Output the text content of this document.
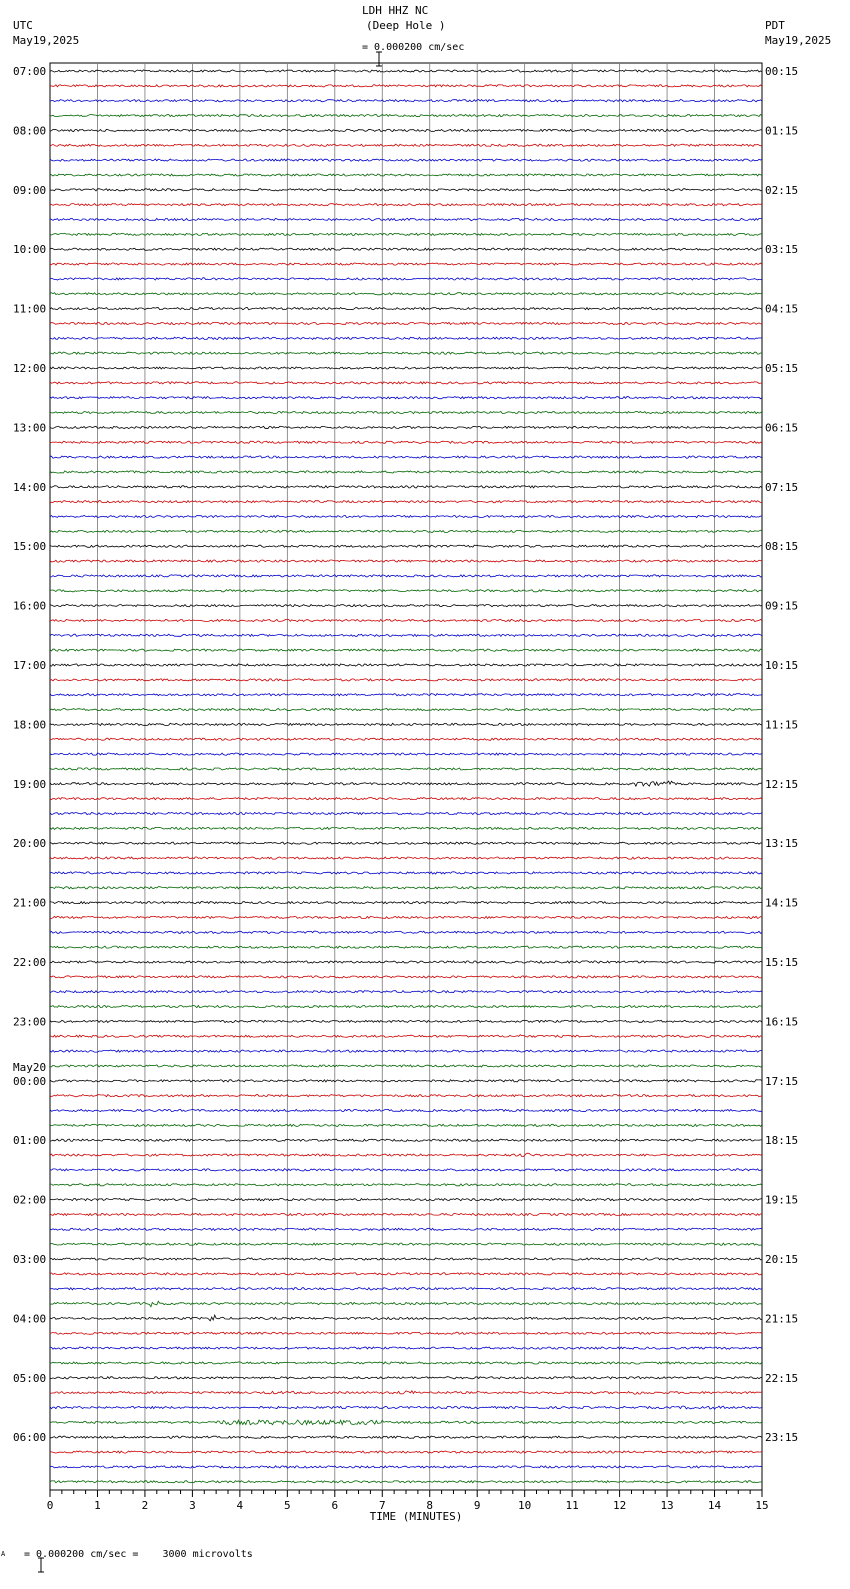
LDH HHZ NC
(Deep Hole )

= 0.000200 cm/sec
UTC
May19,2025
PDT
May19,2025
07:00
08:00
09:00
10:00
11:00
12:00
13:00
14:00
15:00
16:00
17:00
18:00
19:00
20:00
21:00
22:00
23:00
00:00
01:00
02:00
03:00
04:00
05:00
06:00
00:15
01:15
02:15
03:15
04:15
05:15
06:15
07:15
08:15
09:15
10:15
11:15
12:15
13:15
14:15
15:15
16:15
17:15
18:15
19:15
20:15
21:15
22:15
23:15
May20
0	1	2	3	4	5	6	7	8	9	10	11	12	13	14	15
TIME (MINUTES)
A

= 0.000200 cm/sec =    3000 microvolts
